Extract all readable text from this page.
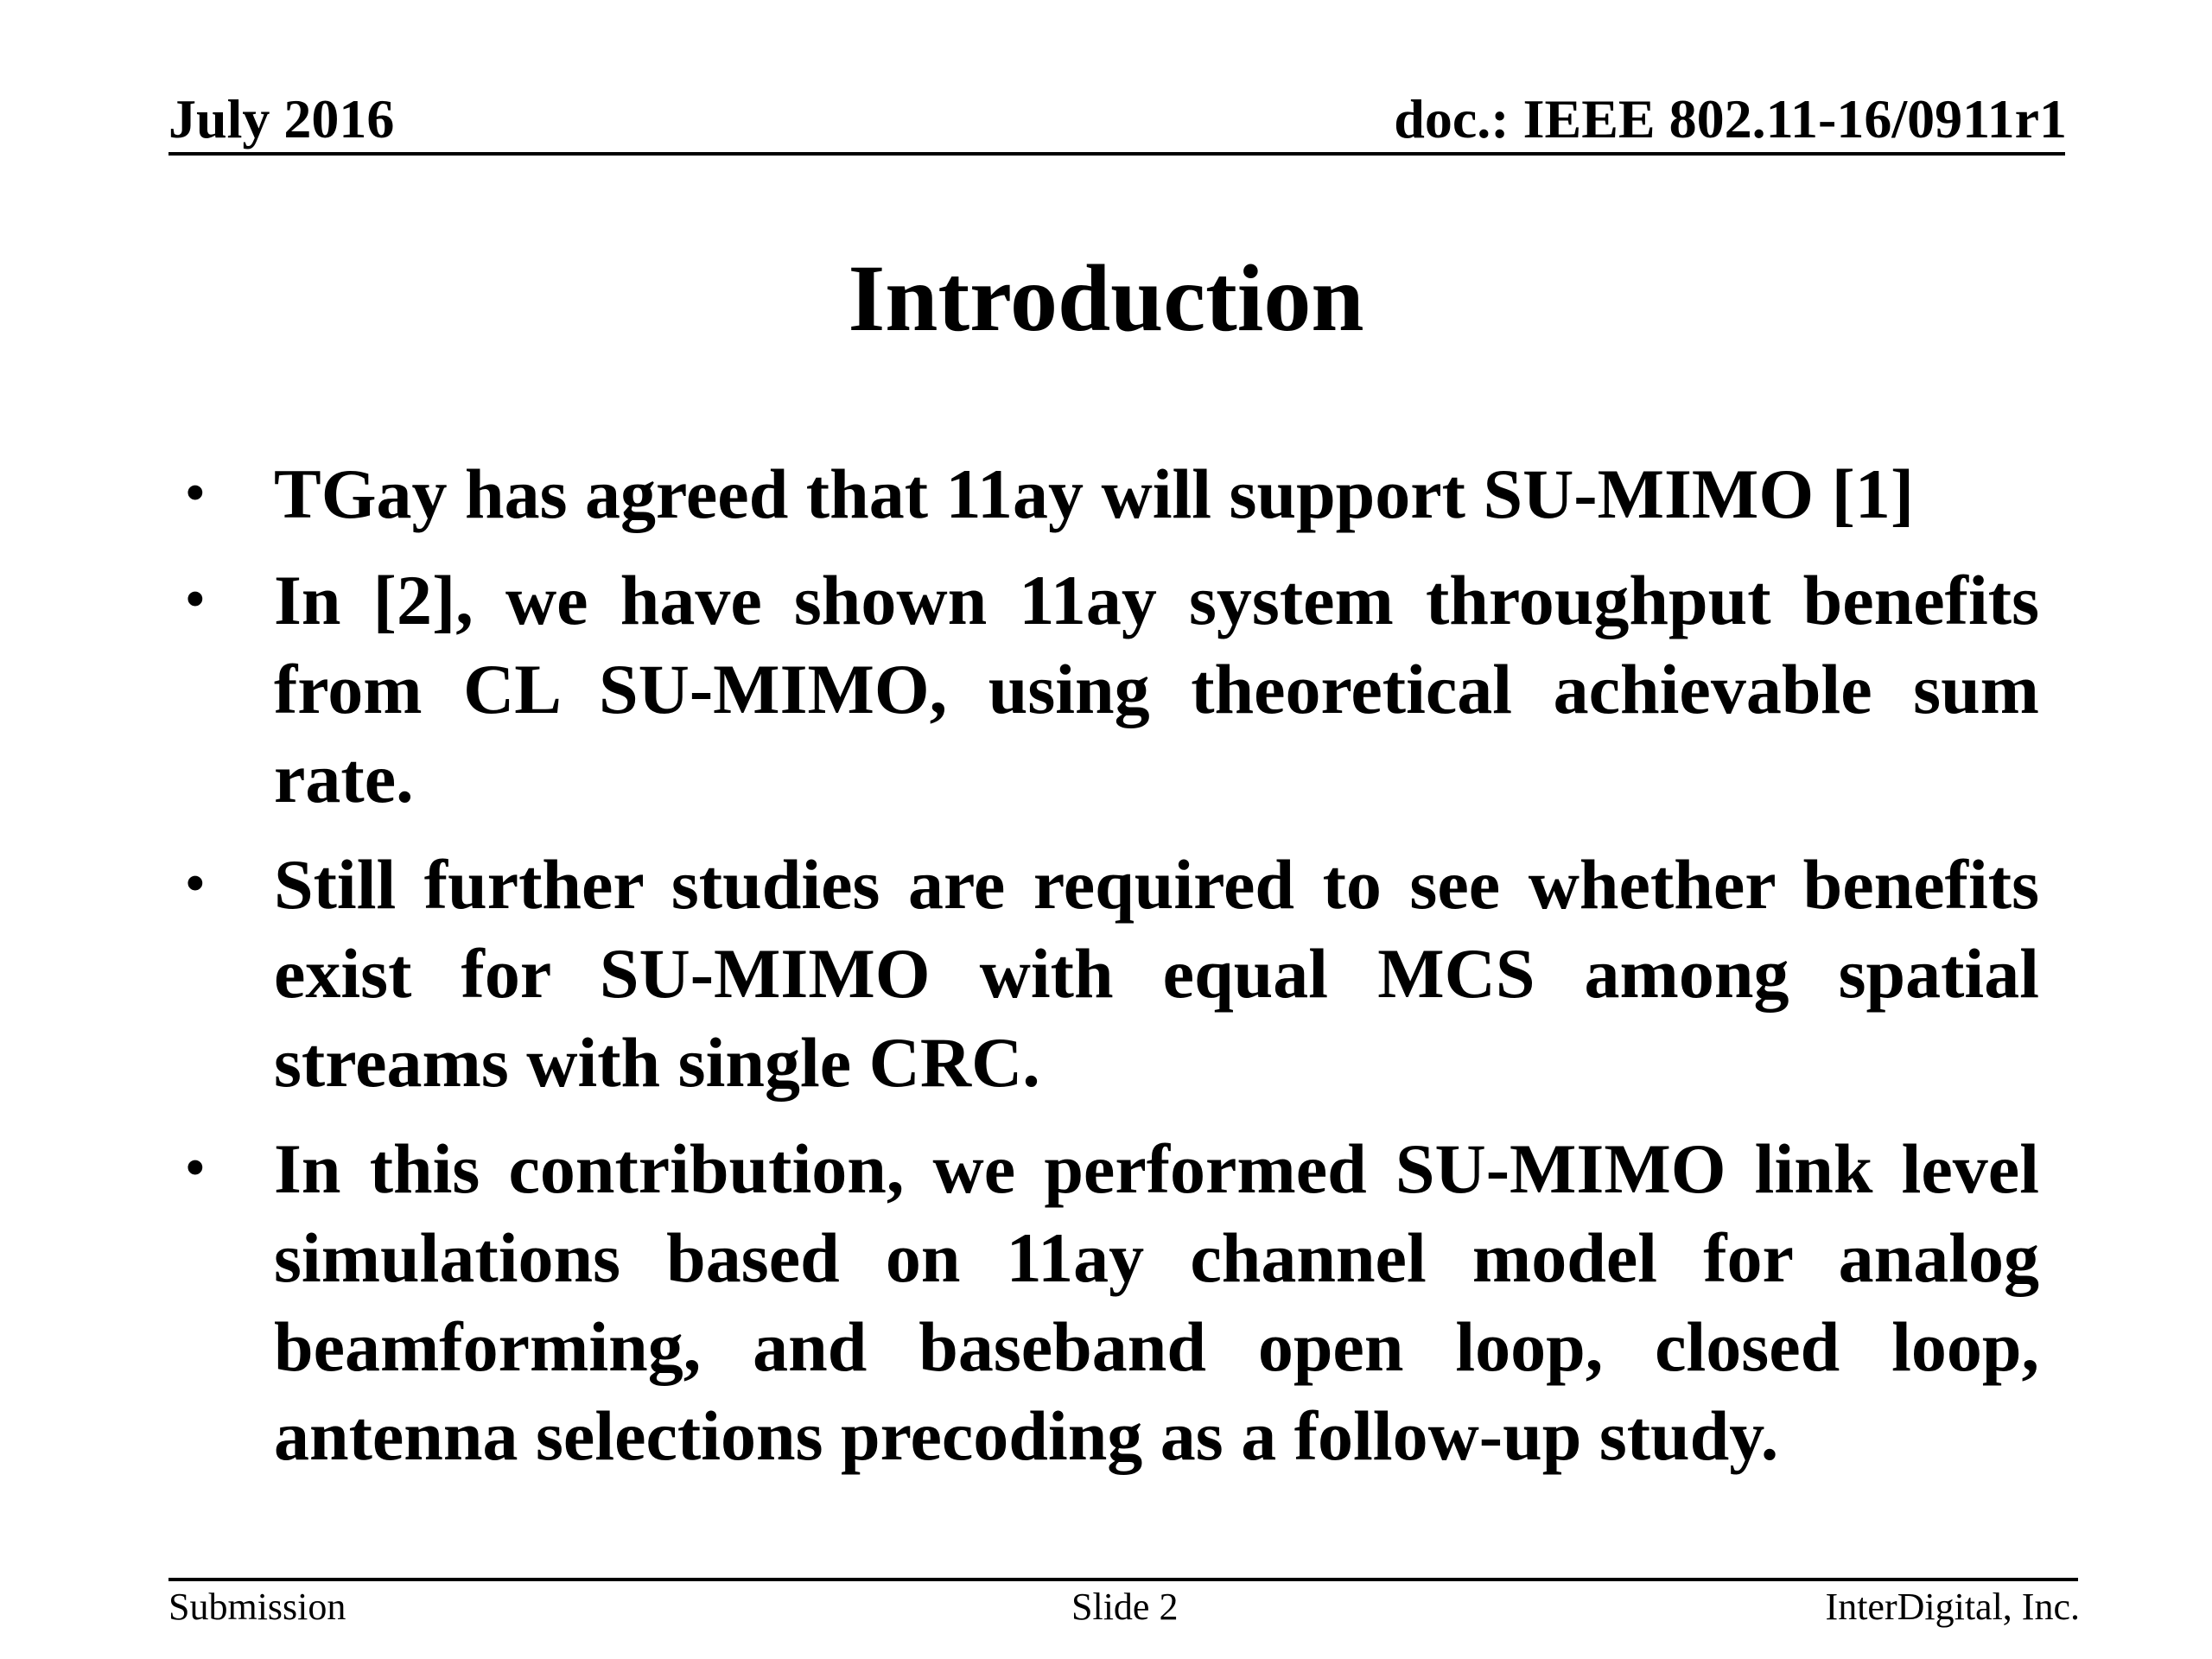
July 2016	doc.: IEEE 802.11-16/0911r1
Introduction
• TGay has agreed that 11ay will support SU-MIMO [1]
• In [2], we have shown 11ay system throughput benefits from CL SU-MIMO, using theoretical achievable sum rate.
• Still further studies are required to see whether benefits exist for SU-MIMO with equal MCS among spatial streams with single CRC.
• In this contribution, we performed SU-MIMO link level simulations based on 11ay channel model for analog beamforming, and baseband open loop, closed loop, antenna selections precoding as a follow-up study.
Submission	Slide 2	InterDigital, Inc.
